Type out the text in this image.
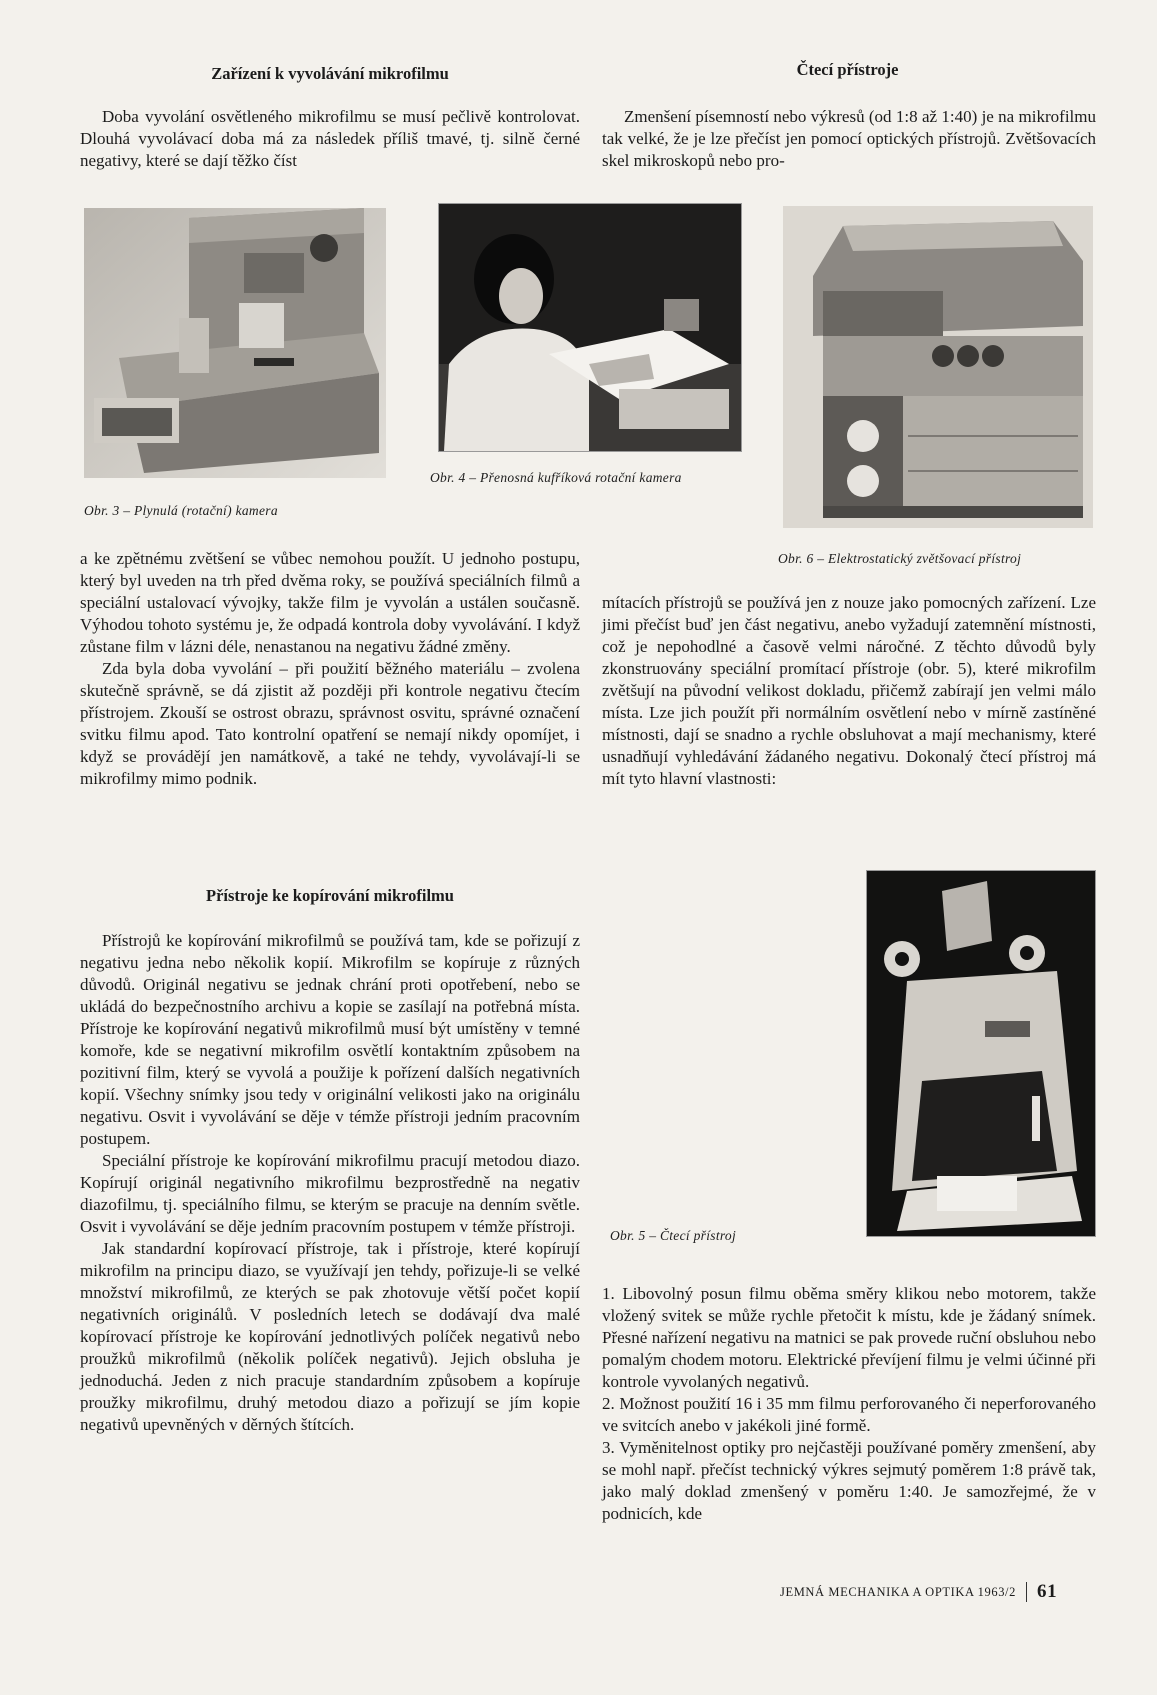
Zařízení k vyvolávání mikrofilmu

Doba vyvolání osvětleného mikrofilmu se musí pečlivě kontrolovat. Dlouhá vyvolávací doba má za následek příliš tmavé, tj. silně černé negativy, které se dají těžko číst

Obr. 3 – Plynulá (rotační) kamera

a ke zpětnému zvětšení se vůbec nemohou použít. U jednoho postupu, který byl uveden na trh před dvěma roky, se používá speciálních filmů a speciální ustalovací vývojky, takže film je vyvolán a ustálen současně. Výhodou tohoto systému je, že odpadá kontrola doby vyvolávání. I když zůstane film v lázni déle, nenastanou na negativu žádné změny.

Zda byla doba vyvolání – při použití běžného materiálu – zvolena skutečně správně, se dá zjistit až později při kontrole negativu čtecím přístrojem. Zkouší se ostrost obrazu, správnost osvitu, správné označení svitku filmu apod. Tato kontrolní opatření se nemají nikdy opomíjet, i když se provádějí jen namátkově, a také ne tehdy, vyvolávají-li se mikrofilmy mimo podnik.

Přístroje ke kopírování mikrofilmu

Přístrojů ke kopírování mikrofilmů se používá tam, kde se pořizují z negativu jedna nebo několik kopií. Mikrofilm se kopíruje z různých důvodů. Originál negativu se jednak chrání proti opotřebení, nebo se ukládá do bezpečnostního archivu a kopie se zasílají na potřebná místa. Přístroje ke kopírování negativů mikrofilmů musí být umístěny v temné komoře, kde se negativní mikrofilm osvětlí kontaktním způsobem na pozitivní film, který se vyvolá a použije k pořízení dalších negativních kopií. Všechny snímky jsou tedy v originální velikosti jako na originálu negativu. Osvit i vyvolávání se děje v témže přístroji jedním pracovním postupem.

Speciální přístroje ke kopírování mikrofilmu pracují metodou diazo. Kopírují originál negativního mikrofilmu bezprostředně na negativ diazofilmu, tj. speciálního filmu, se kterým se pracuje na denním světle. Osvit i vyvolávání se děje jedním pracovním postupem v témže přístroji.

Jak standardní kopírovací přístroje, tak i přístroje, které kopírují mikrofilm na principu diazo, se využívají jen tehdy, pořizuje-li se velké množství mikrofilmů, ze kterých se pak zhotovuje větší počet kopií negativních originálů. V posledních letech se dodávají dva malé kopírovací přístroje ke kopírování jednotlivých políček negativů nebo proužků mikrofilmů (několik políček negativů). Jejich obsluha je jednoduchá. Jeden z nich pracuje standardním způsobem a kopíruje proužky mikrofilmu, druhý metodou diazo a pořizují se jím kopie negativů upevněných v děrných štítcích.

Obr. 4 – Přenosná kufříková rotační kamera

Čtecí přístroje

Zmenšení písemností nebo výkresů (od 1:8 až 1:40) je na mikrofilmu tak velké, že je lze přečíst jen pomocí optických přístrojů. Zvětšovacích skel mikroskopů nebo pro-

Obr. 6 – Elektrostatický zvětšovací přístroj

mítacích přístrojů se používá jen z nouze jako pomocných zařízení. Lze jimi přečíst buď jen část negativu, anebo vyžadují zatemnění místnosti, což je nepohodlné a časově velmi náročné. Z těchto důvodů byly zkonstruovány speciální promítací přístroje (obr. 5), které mikrofilm zvětšují na původní velikost dokladu, přičemž zabírají jen velmi málo místa. Lze jich použít při normálním osvětlení nebo v mírně zastíněné místnosti, dají se snadno a rychle obsluhovat a mají mechanismy, které usnadňují vyhledávání žádaného negativu. Dokonalý čtecí přístroj má mít tyto hlavní vlastnosti:

Obr. 5 – Čtecí přístroj

1. Libovolný posun filmu oběma směry klikou nebo motorem, takže vložený svitek se může rychle přetočit k místu, kde je žádaný snímek. Přesné nařízení negativu na matnici se pak provede ruční obsluhou nebo pomalým chodem motoru. Elektrické převíjení filmu je velmi účinné při kontrole vyvolaných negativů.

2. Možnost použití 16 i 35 mm filmu perforovaného či neperforovaného ve svitcích anebo v jakékoli jiné formě.

3. Vyměnitelnost optiky pro nejčastěji používané poměry zmenšení, aby se mohl např. přečíst technický výkres sejmutý poměrem 1:8 právě tak, jako malý doklad zmenšený v poměru 1:40. Je samozřejmé, že v podnicích, kde

JEMNÁ MECHANIKA A OPTIKA 1963/2 61
